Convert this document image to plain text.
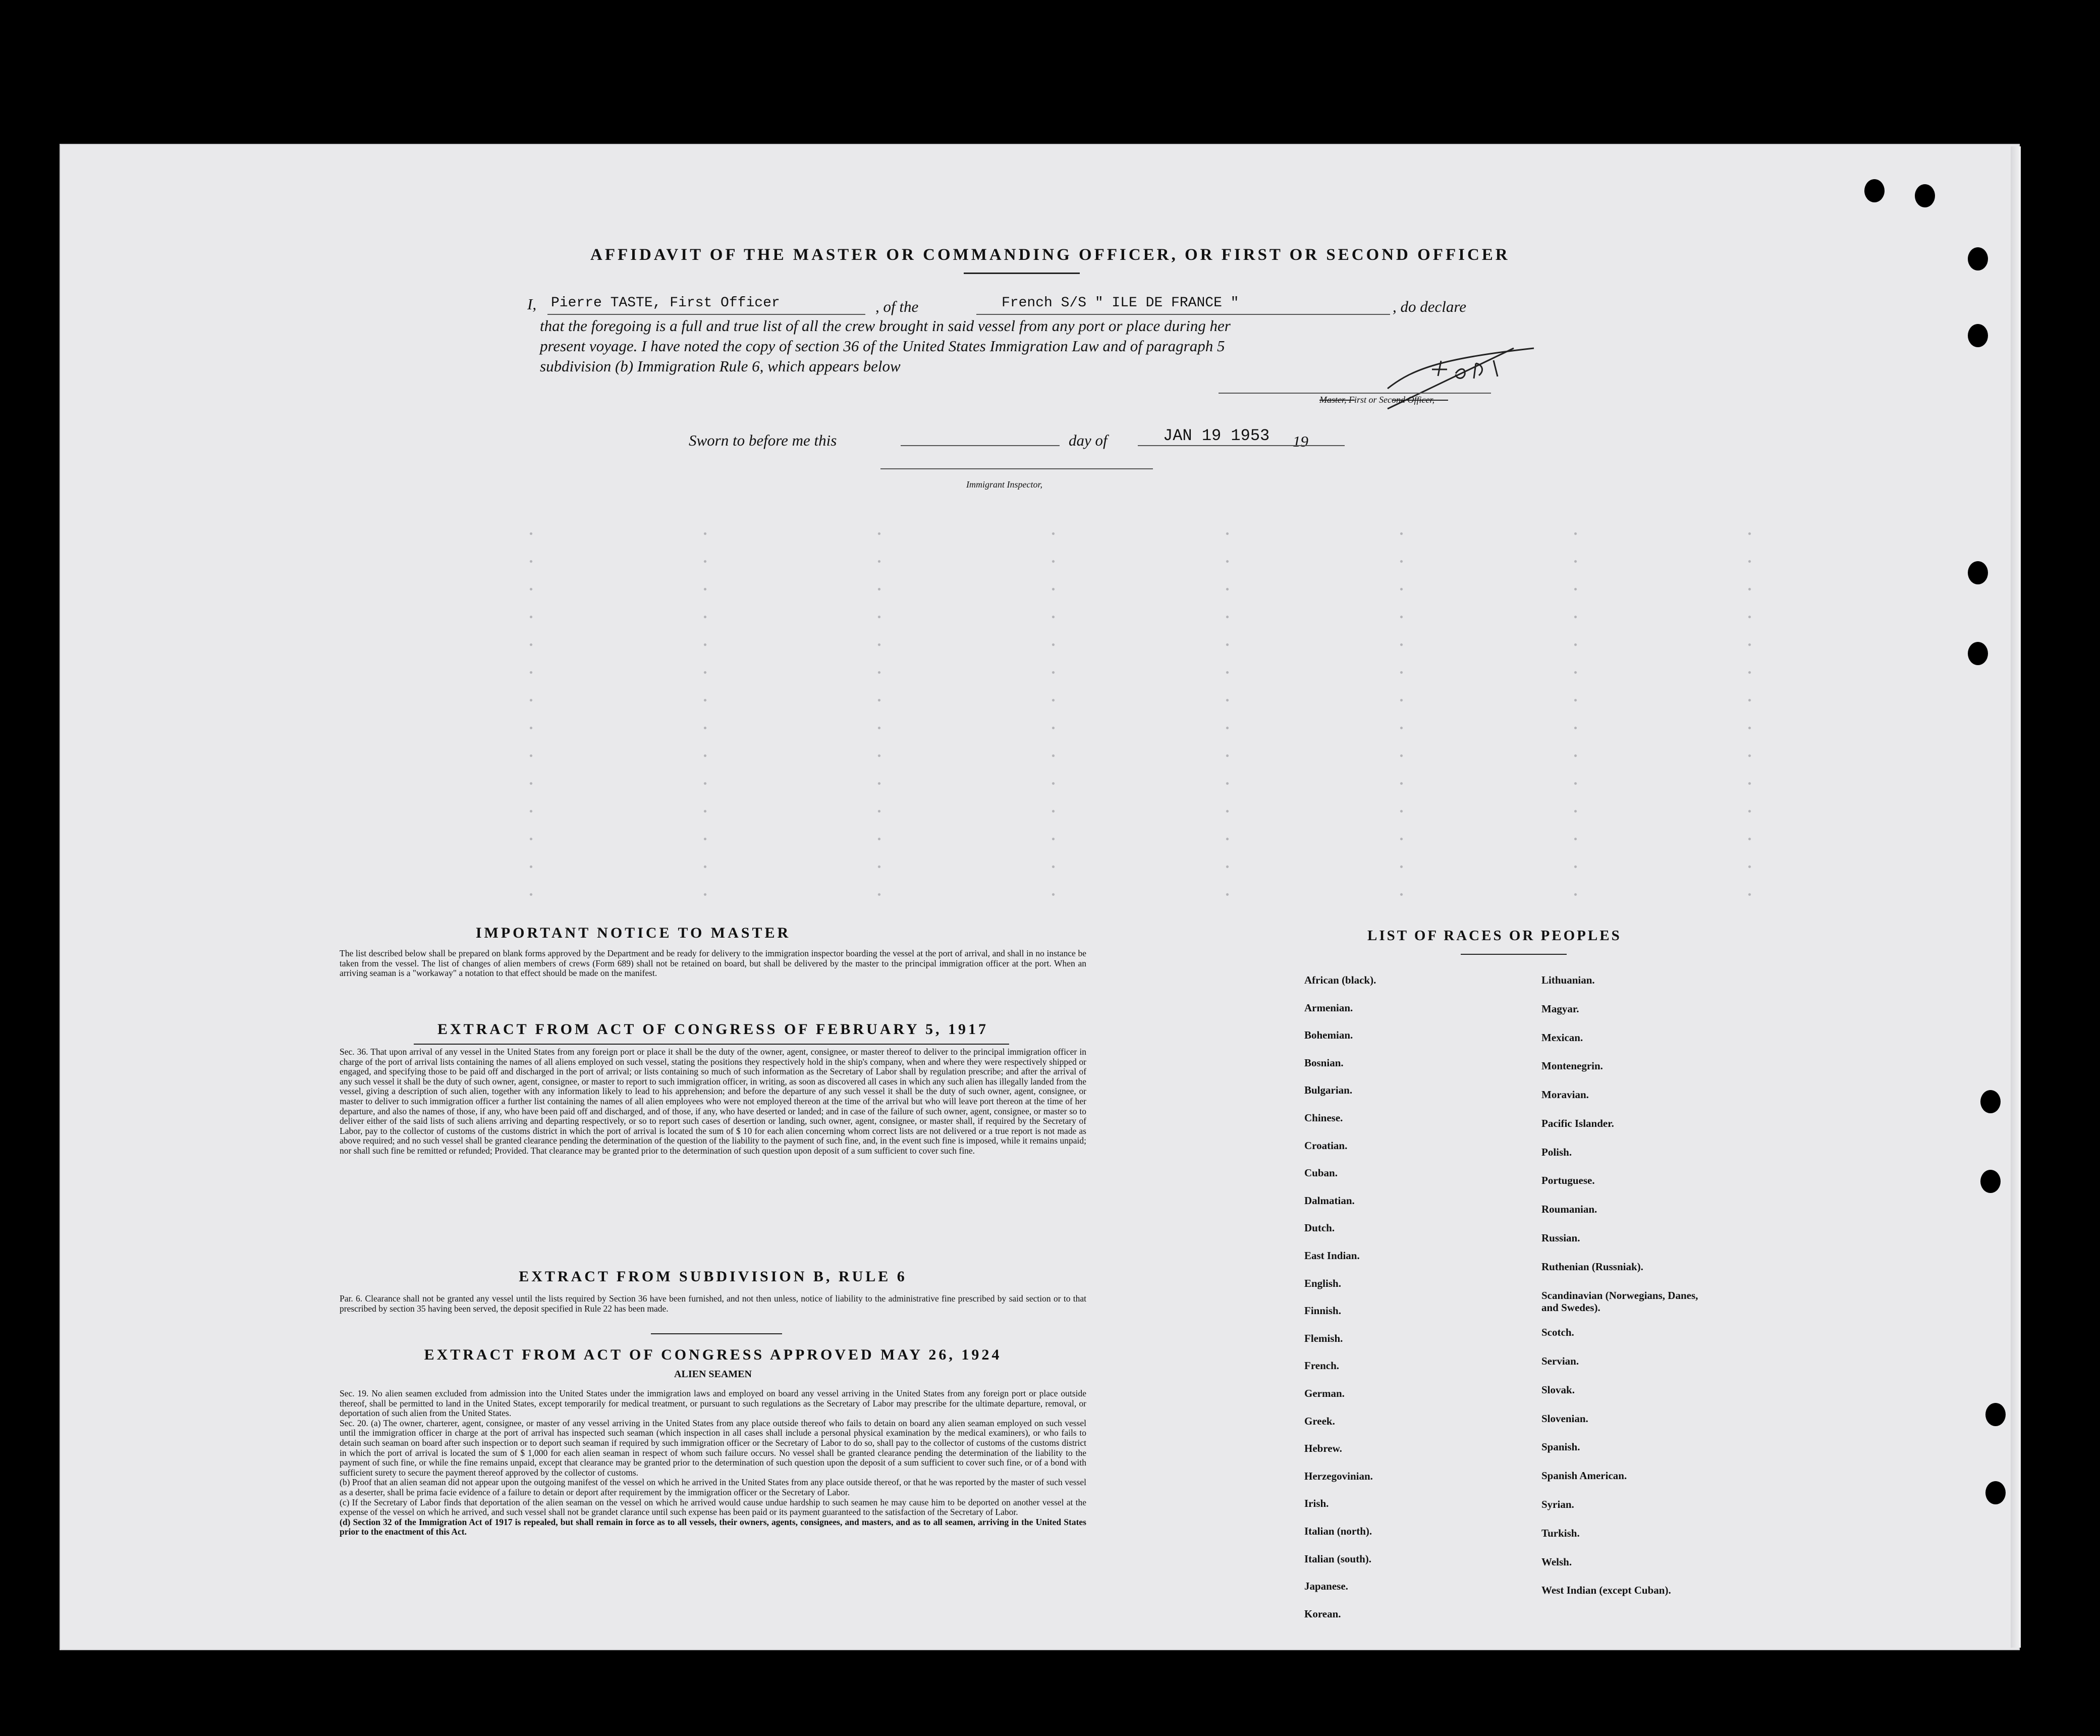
AFFIDAVIT OF THE MASTER OR COMMANDING OFFICER, OR FIRST OR SECOND OFFICER
I, Pierre TASTE, First Officer	, of the	French S/S " ILE DE FRANCE "	, do declare
that the foregoing is a full and true list of all the crew brought in said vessel from any port or place during her
present voyage. I have noted the copy of section 36 of the United States Immigration Law and of paragraph 5
subdivision (b) Immigration Rule 6, which appears below
Master, First or Second Officer,
Sworn to before me this	day of	JAN 19 1953 19
Immigrant Inspector,
IMPORTANT NOTICE TO MASTER

The list described below shall be prepared on blank forms approved by the Department and be ready for delivery to the immigration inspector boarding the vessel at the port of arrival, and shall in no instance be taken from the vessel. The list of changes of alien members of crews (Form 689) shall not be retained on board, but shall be delivered by the master to the principal immigration officer at the port. When an arriving seaman is a "workaway" a notation to that effect should be made on the manifest.

EXTRACT FROM ACT OF CONGRESS OF FEBRUARY 5, 1917

Sec. 36. That upon arrival of any vessel in the United States from any foreign port or place it shall be the duty of the owner, agent, consignee, or master thereof to deliver to the principal immigration officer in charge of the port of arrival lists containing the names of all aliens employed on such vessel, stating the positions they respectively hold in the ship's company, when and where they were respectively shipped or engaged, and specifying those to be paid off and discharged in the port of arrival; or lists containing so much of such information as the Secretary of Labor shall by regulation prescribe; and after the arrival of any such vessel it shall be the duty of such owner, agent, consignee, or master to report to such immigration officer, in writing, as soon as discovered all cases in which any such alien has illegally landed from the vessel, giving a description of such alien, together with any information likely to lead to his apprehension; and before the departure of any such vessel it shall be the duty of such owner, agent, consignee, or master to deliver to such immigration officer a further list containing the names of all alien employees who were not employed thereon at the time of the arrival but who will leave port thereon at the time of her departure, and also the names of those, if any, who have been paid off and discharged, and of those, if any, who have deserted or landed; and in case of the failure of such owner, agent, consignee, or master so to deliver either of the said lists of such aliens arriving and departing respectively, or so to report such cases of desertion or landing, such owner, agent, consignee, or master shall, if required by the Secretary of Labor, pay to the collector of customs of the customs district in which the port of arrival is located the sum of $ 10 for each alien concerning whom correct lists are not delivered or a true report is not made as above required; and no such vessel shall be granted clearance pending the determination of the question of the liability to the payment of such fine, and, in the event such fine is imposed, while it remains unpaid; nor shall such fine be remitted or refunded; Provided. That clearance may be granted prior to the determination of such question upon deposit of a sum sufficient to cover such fine.

EXTRACT FROM SUBDIVISION B, RULE 6

Par. 6. Clearance shall not be granted any vessel until the lists required by Section 36 have been furnished, and not then unless, notice of liability to the administrative fine prescribed by said section or to that prescribed by section 35 having been served, the deposit specified in Rule 22 has been made.

EXTRACT FROM ACT OF CONGRESS APPROVED MAY 26, 1924
ALIEN SEAMEN

Sec. 19. No alien seamen excluded from admission into the United States under the immigration laws and employed on board any vessel arriving in the United States from any foreign port or place outside thereof, shall be permitted to land in the United States, except temporarily for medical treatment, or pursuant to such regulations as the Secretary of Labor may prescribe for the ultimate departure, removal, or deportation of such alien from the United States.

Sec. 20. (a) The owner, charterer, agent, consignee, or master of any vessel arriving in the United States from any place outside thereof who fails to detain on board any alien seaman employed on such vessel until the immigration officer in charge at the port of arrival has inspected such seaman (which inspection in all cases shall include a personal physical examination by the medical examiners), or who fails to detain such seaman on board after such inspection or to deport such seaman if required by such immigration officer or the Secretary of Labor to do so, shall pay to the collector of customs of the customs district in which the port of arrival is located the sum of $ 1,000 for each alien seaman in respect of whom such failure occurs. No vessel shall be granted clearance pending the determination of the liability to the payment of such fine, or while the fine remains unpaid, except that clearance may be granted prior to the determination of such question upon the deposit of a sum sufficient to cover such fine, or of a bond with sufficient surety to secure the payment thereof approved by the collector of customs.

(b) Proof that an alien seaman did not appear upon the outgoing manifest of the vessel on which he arrived in the United States from any place outside thereof, or that he was reported by the master of such vessel as a deserter, shall be prima facie evidence of a failure to detain or deport after requirement by the immigration officer or the Secretary of Labor.

(c) If the Secretary of Labor finds that deportation of the alien seaman on the vessel on which he arrived would cause undue hardship to such seamen he may cause him to be deported on another vessel at the expense of the vessel on which he arrived, and such vessel shall not be grandet clarance until such expense has been paid or its payment guaranteed to the satisfaction of the Secretary of Labor.

(d) Section 32 of the Immigration Act of 1917 is repealed, but shall remain in force as to all vessels, their owners, agents, consignees, and masters, and as to all seamen, arriving in the United States prior to the enactment of this Act.

LIST OF RACES OR PEOPLES
African (black).
Armenian.
Bohemian.
Bosnian.
Bulgarian.
Chinese.
Croatian.
Cuban.
Dalmatian.
Dutch.
East Indian.
English.
Finnish.
Flemish.
French.
German.
Greek.
Hebrew.
Herzegovinian.
Irish.
Italian (north).
Italian (south).
Japanese.
Korean.
Lithuanian.
Magyar.
Mexican.
Montenegrin.
Moravian.
Pacific Islander.
Polish.
Portuguese.
Roumanian.
Russian.
Ruthenian (Russniak).
Scandinavian (Norwegians, Danes, and Swedes).
Scotch.
Servian.
Slovak.
Slovenian.
Spanish.
Spanish American.
Syrian.
Turkish.
Welsh.
West Indian (except Cuban).
